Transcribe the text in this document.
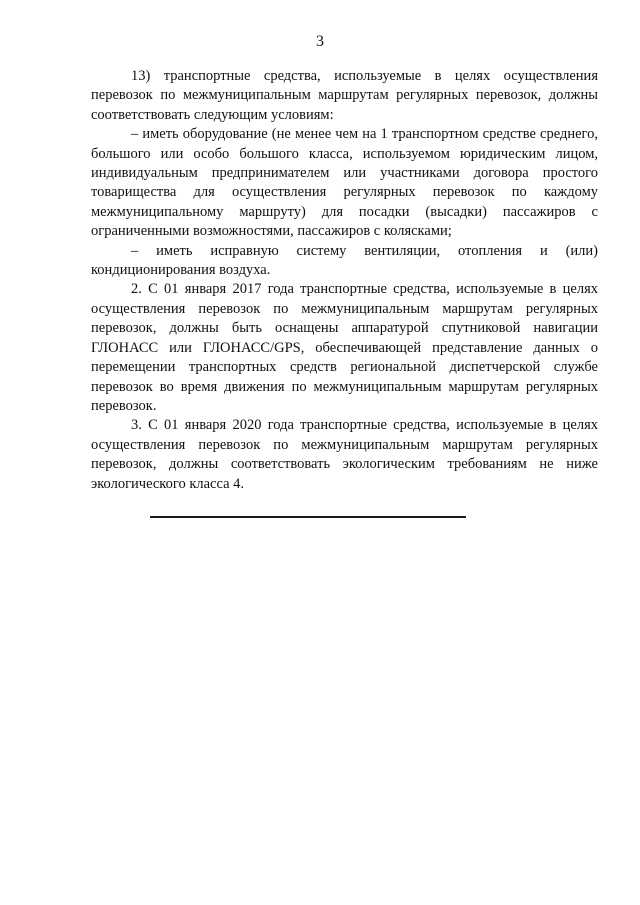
3

13) транспортные средства, используемые в целях осуществления перевозок по межмуниципальным маршрутам регулярных перевозок, должны соответствовать следующим условиям:

– иметь оборудование (не менее чем на 1 транспортном средстве среднего, большого или особо большого класса, используемом юридическим лицом, индивидуальным предпринимателем или участниками договора простого товарищества для осуществления регулярных перевозок по каждому межмуниципальному маршруту) для посадки (высадки) пассажиров с ограниченными возможностями, пассажиров с колясками;

– иметь исправную систему вентиляции, отопления и (или) кондиционирования воздуха.

2. С 01 января 2017 года транспортные средства, используемые в целях осуществления перевозок по межмуниципальным маршрутам регулярных перевозок, должны быть оснащены аппаратурой спутниковой навигации ГЛОНАСС или ГЛОНАСС/GPS, обеспечивающей представление данных о перемещении транспортных средств региональной диспетчерской службе перевозок во время движения по межмуниципальным маршрутам регулярных перевозок.

3. С 01 января 2020 года транспортные средства, используемые в целях осуществления перевозок по межмуниципальным маршрутам регулярных перевозок, должны соответствовать экологическим требованиям не ниже экологического класса 4.
